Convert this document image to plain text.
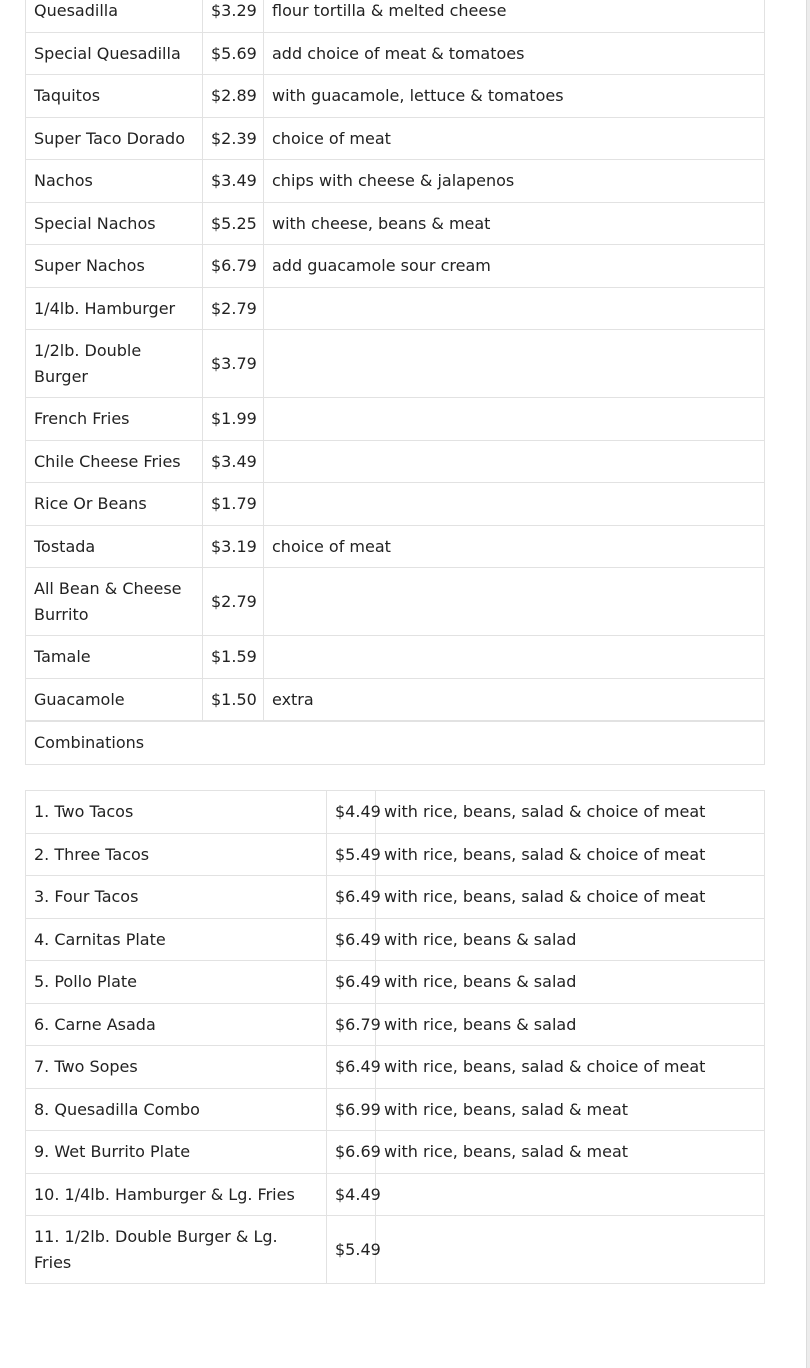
Quesadilla	$3.29	flour tortilla & melted cheese
Special Quesadilla	$5.69	add choice of meat & tomatoes
Taquitos	$2.89	with guacamole, lettuce & tomatoes
Super Taco Dorado	$2.39	choice of meat
Nachos	$3.49	chips with cheese & jalapenos
Special Nachos	$5.25	with cheese, beans & meat
Super Nachos	$6.79	add guacamole sour cream
1/4lb. Hamburger	$2.79	
1/2lb. Double Burger	$3.79	
French Fries	$1.99	
Chile Cheese Fries	$3.49	
Rice Or Beans	$1.79	
Tostada	$3.19	choice of meat
All Bean & Cheese Burrito	$2.79	
Tamale	$1.59	
Guacamole	$1.50	extra
Combinations
1. Two Tacos	$4.49	with rice, beans, salad & choice of meat
2. Three Tacos	$5.49	with rice, beans, salad & choice of meat
3. Four Tacos	$6.49	with rice, beans, salad & choice of meat
4. Carnitas Plate	$6.49	with rice, beans & salad
5. Pollo Plate	$6.49	with rice, beans & salad
6. Carne Asada	$6.79	with rice, beans & salad
7. Two Sopes	$6.49	with rice, beans, salad & choice of meat
8. Quesadilla Combo	$6.99	with rice, beans, salad & meat
9. Wet Burrito Plate	$6.69	with rice, beans, salad & meat
10. 1/4lb. Hamburger & Lg. Fries	$4.49	
11. 1/2lb. Double Burger & Lg. Fries	$5.49	
